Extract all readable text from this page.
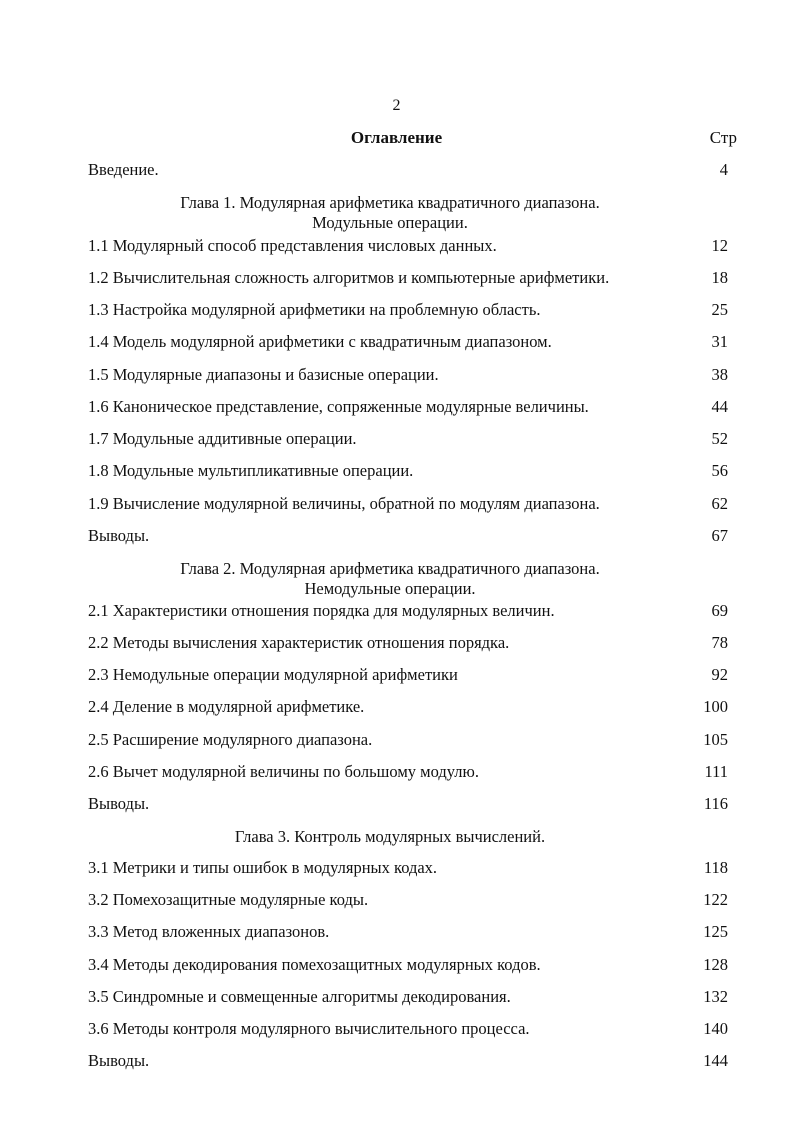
2
Оглавление	Стр
Введение.	4
Глава 1. Модулярная арифметика квадратичного диапазона.
Модульные операции.
1.1 Модулярный способ представления числовых данных.	12
1.2 Вычислительная сложность алгоритмов и компьютерные арифметики.	18
1.3 Настройка модулярной арифметики на проблемную область.	25
1.4 Модель модулярной арифметики с квадратичным диапазоном.	31
1.5 Модулярные диапазоны и базисные операции.	38
1.6 Каноническое представление, сопряженные модулярные величины.	44
1.7 Модульные аддитивные операции.	52
1.8 Модульные мультипликативные операции.	56
1.9 Вычисление модулярной величины, обратной по модулям диапазона.	62
Выводы.	67
Глава 2. Модулярная арифметика квадратичного диапазона.
Немодульные операции.
2.1 Характеристики отношения порядка для модулярных величин.	69
2.2 Методы вычисления характеристик отношения порядка.	78
2.3 Немодульные операции модулярной арифметики	92
2.4 Деление в модулярной арифметике.	100
2.5 Расширение модулярного диапазона.	105
2.6 Вычет модулярной величины по большому модулю.	111
Выводы.	116
Глава 3. Контроль модулярных вычислений.
3.1 Метрики и типы ошибок в модулярных кодах.	118
3.2 Помехозащитные модулярные коды.	122
3.3 Метод вложенных диапазонов.	125
3.4 Методы декодирования помехозащитных модулярных кодов.	128
3.5 Синдромные и совмещенные алгоритмы декодирования.	132
3.6 Методы контроля модулярного вычислительного процесса.	140
Выводы.	144
